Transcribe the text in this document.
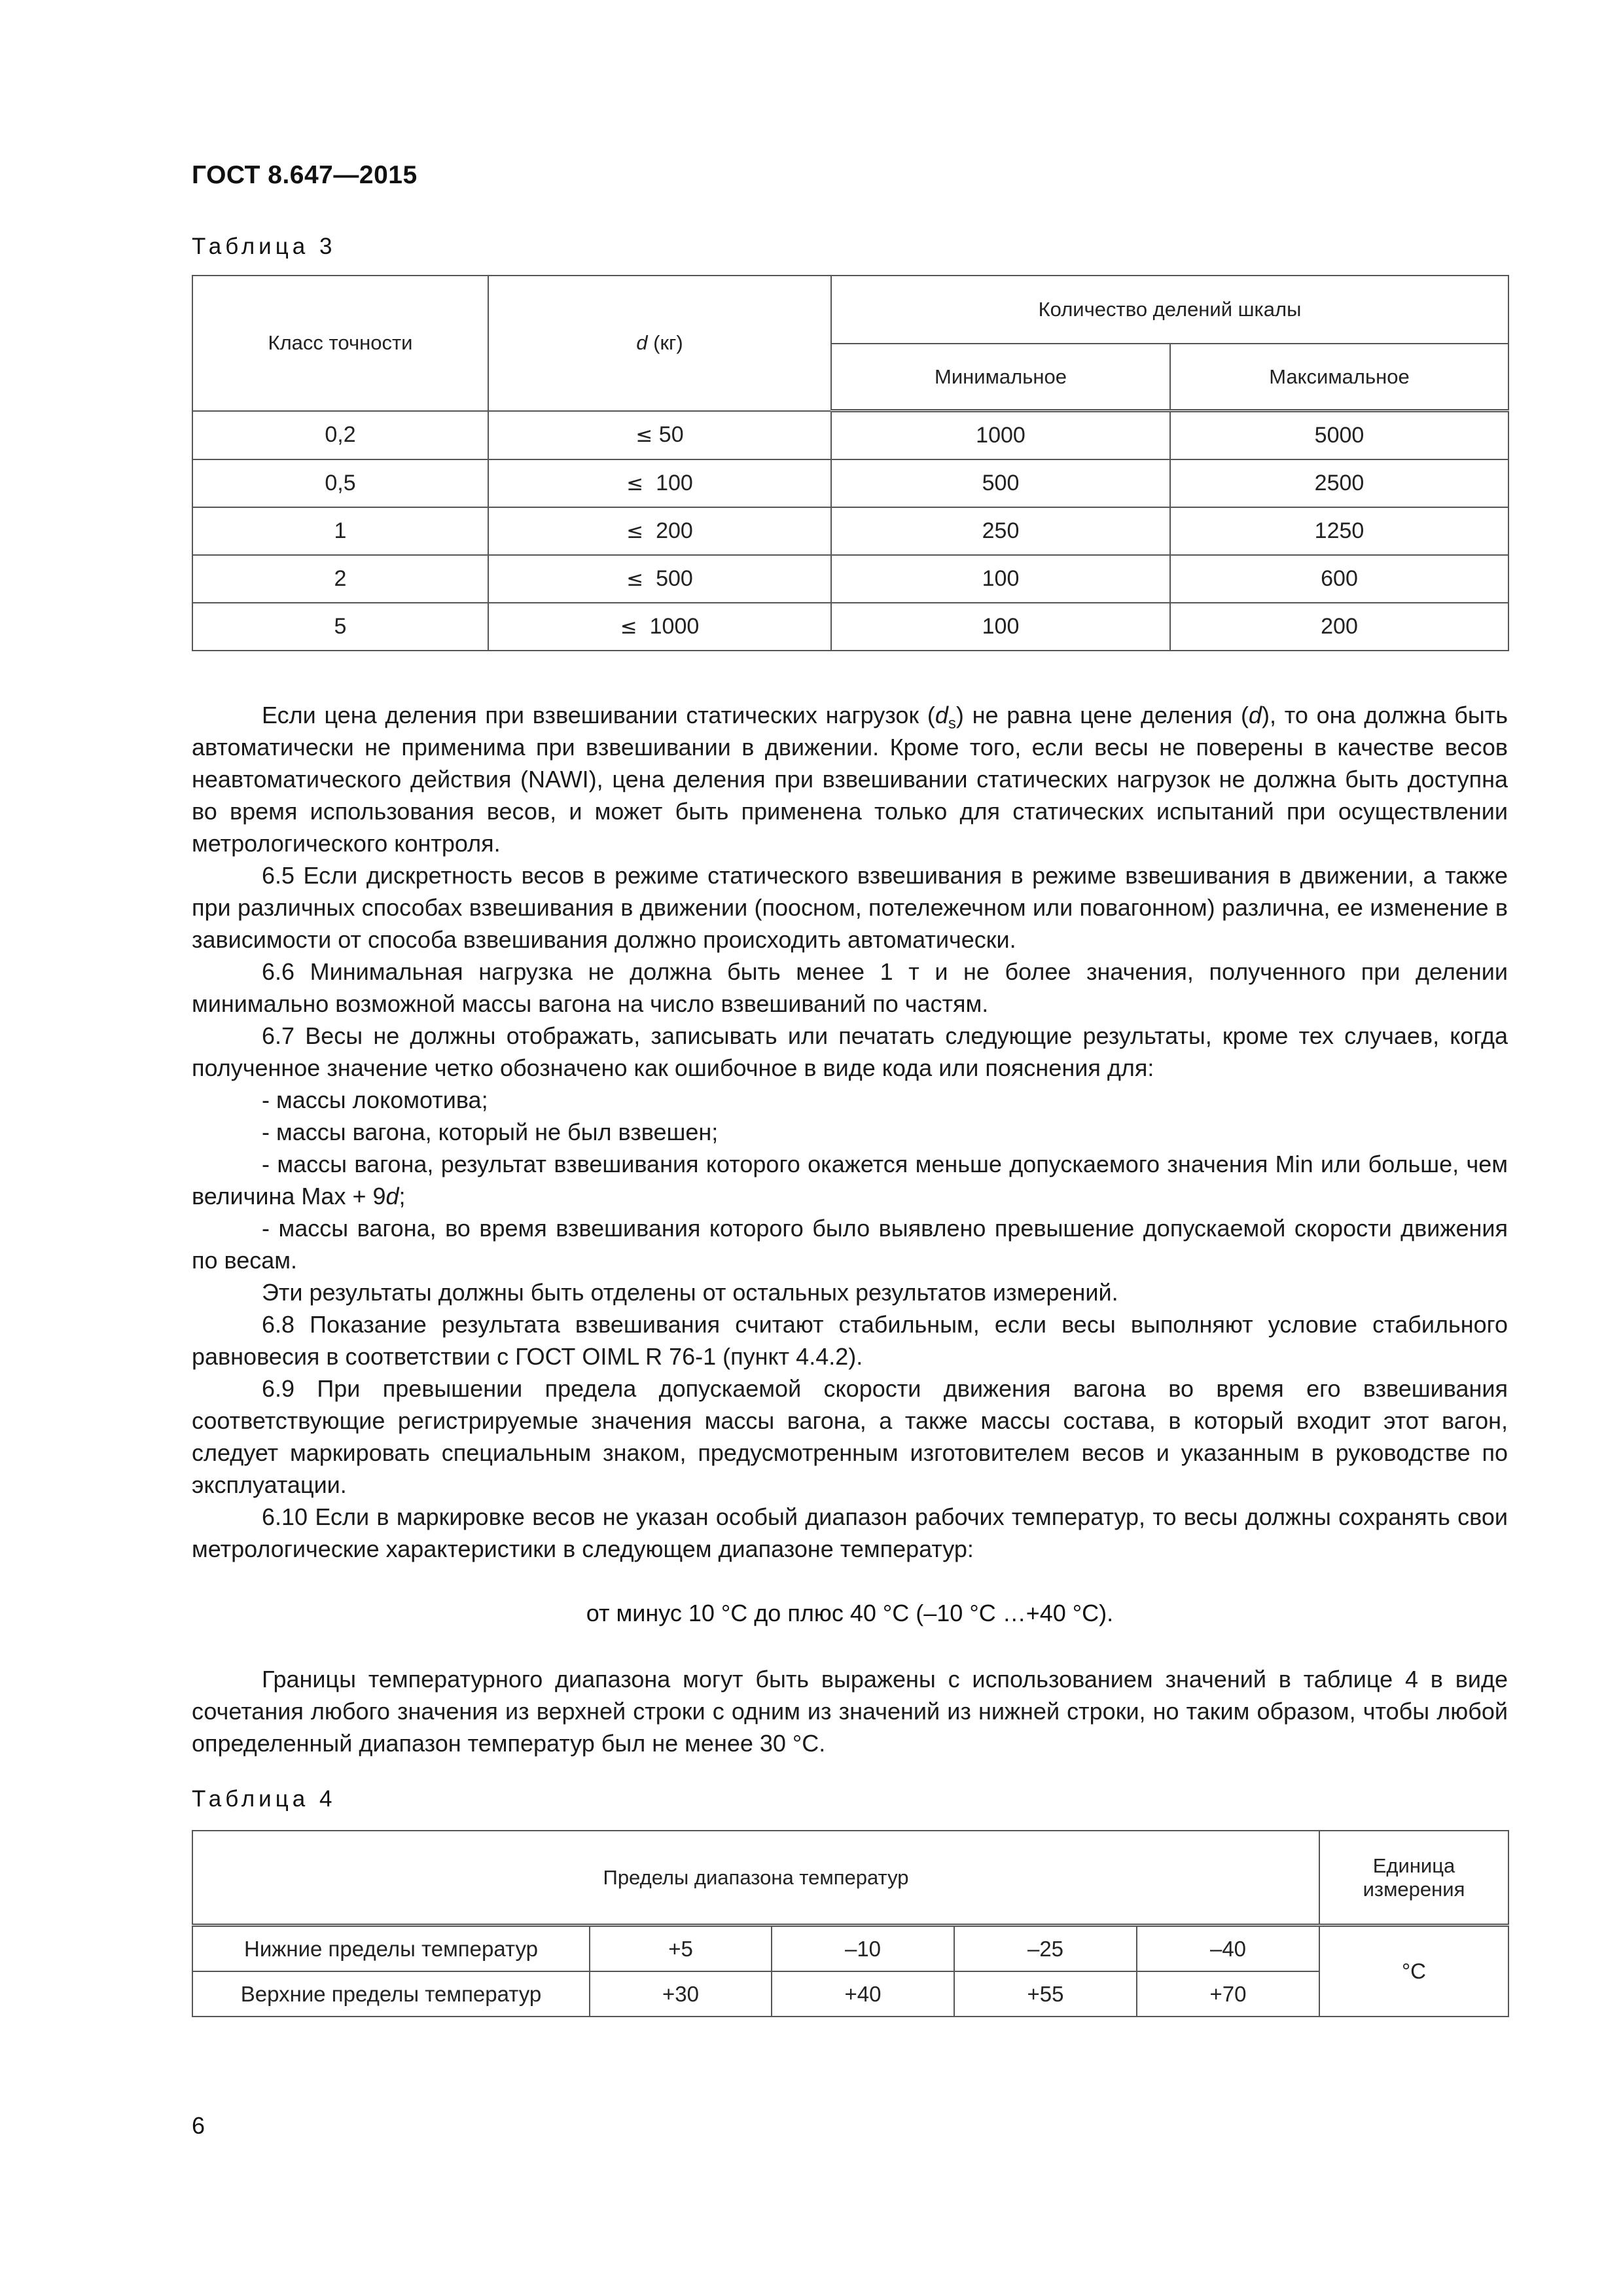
ГОСТ 8.647—2015
Таблица 3
Класс точности	d (кг)	Количество делений шкалы	
		Минимальное	Максимальное
0,2	≤ 50	1000	5000
0,5	≤ 100	500	2500
1	≤ 200	250	1250
2	≤ 500	100	600
5	≤ 1000	100	200

Если цена деления при взвешивании статических нагрузок $(d_s)$ не равна цене деления (d), то она должна быть автоматически не применима при взвешивании в движении. Кроме того, если весы не поверены в качестве весов неавтоматического действия (NAWI), цена деления при взвешивании статических нагрузок не должна быть доступна во время использования весов, и может быть применена только для статических испытаний при осуществлении метрологического контроля.

6.5 Если дискретность весов в режиме статического взвешивания в режиме взвешивания в движении, а также при различных способах взвешивания в движении (поосном, потележечном или повагонном) различна, ее изменение в зависимости от способа взвешивания должно происходить автоматически.

6.6 Минимальная нагрузка не должна быть менее 1 т и не более значения, полученного при делении минимально возможной массы вагона на число взвешиваний по частям.

6.7 Весы не должны отображать, записывать или печатать следующие результаты, кроме тех случаев, когда полученное значение четко обозначено как ошибочное в виде кода или пояснения для:

- массы локомотива;

- массы вагона, который не был взвешен;

- массы вагона, результат взвешивания которого окажется меньше допускаемого значения Min или больше, чем величина Max + 9d;

- массы вагона, во время взвешивания которого было выявлено превышение допускаемой скорости движения по весам.

Эти результаты должны быть отделены от остальных результатов измерений.

6.8 Показание результата взвешивания считают стабильным, если весы выполняют условие стабильного равновесия в соответствии с ГОСТ OIML R 76-1 (пункт 4.4.2).

6.9 При превышении предела допускаемой скорости движения вагона во время его взвешивания соответствующие регистрируемые значения массы вагона, а также массы состава, в который входит этот вагон, следует маркировать специальным знаком, предусмотренным изготовителем весов и указанным в руководстве по эксплуатации.

6.10 Если в маркировке весов не указан особый диапазон рабочих температур, то весы должны сохранять свои метрологические характеристики в следующем диапазоне температур:

от минус 10 °С до плюс 40 °С (–10 °С …+40 °С).
Границы температурного диапазона могут быть выражены с использованием значений в таблице 4 в виде сочетания любого значения из верхней строки с одним из значений из нижней строки, но таким образом, чтобы любой определенный диапазон температур был не менее 30 °С.
Таблица 4
Пределы диапазона температур					Единица
измерения
Нижние пределы температур	+5	–10	–25	–40	°С
Верхние пределы температур	+30	+40	+55	+70	
6
